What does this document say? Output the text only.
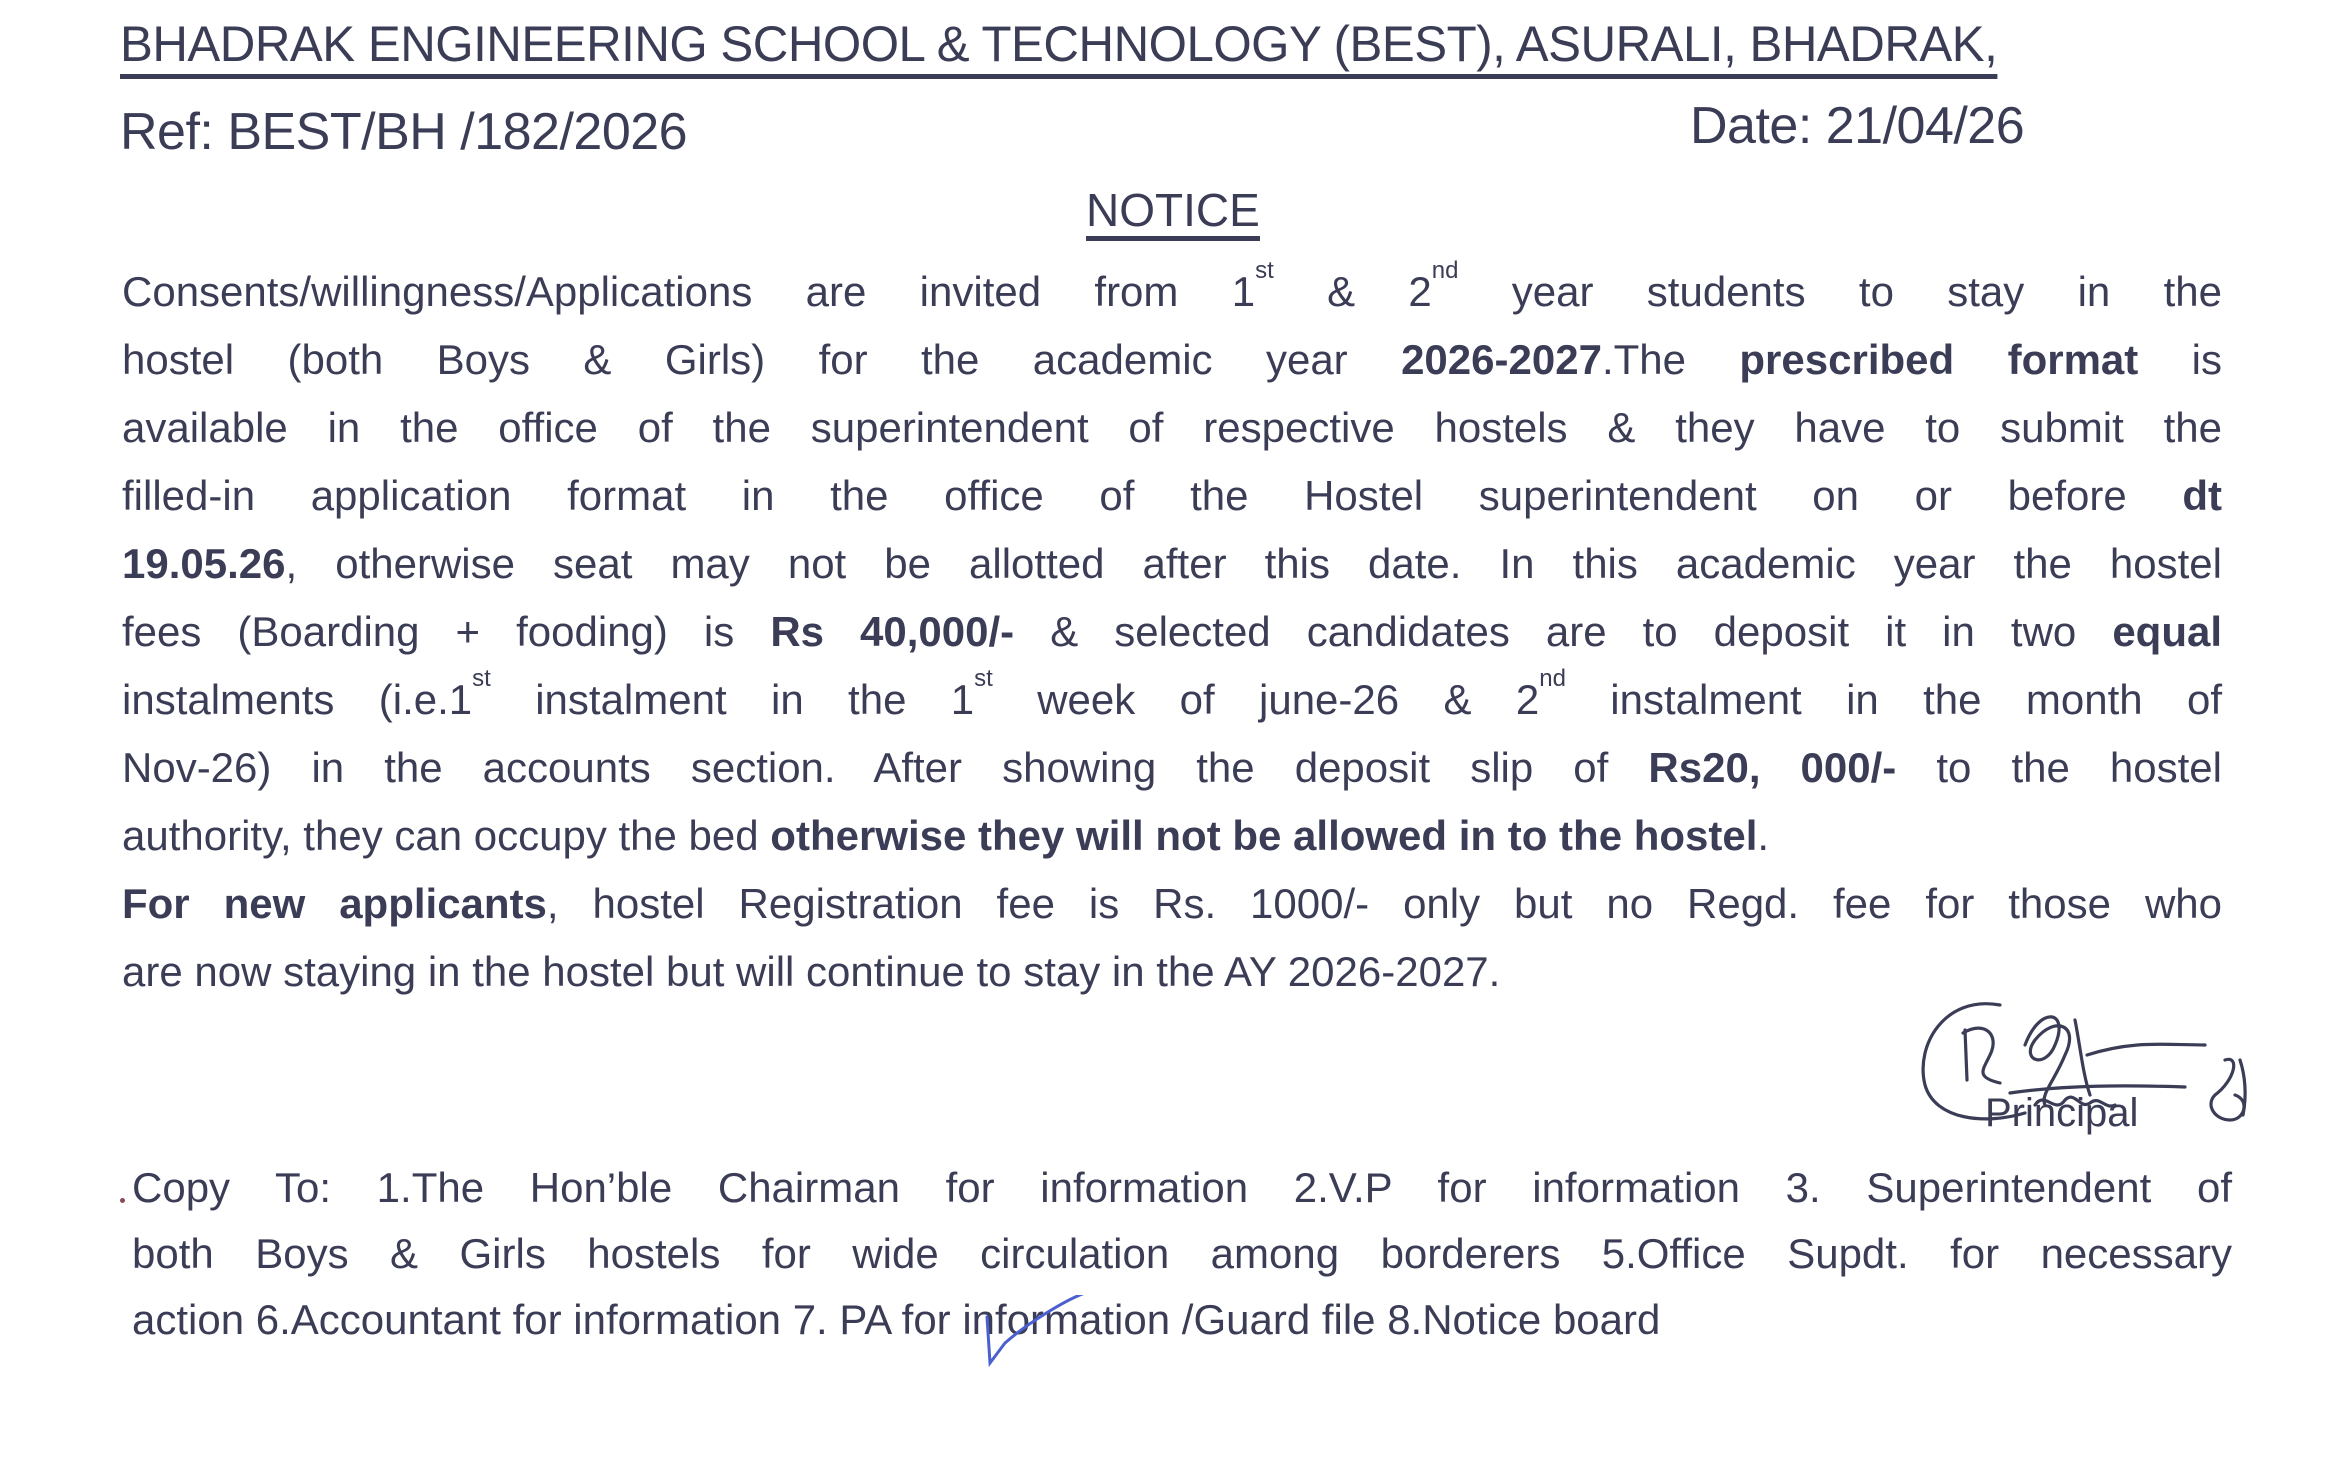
BHADRAK ENGINEERING SCHOOL & TECHNOLOGY (BEST), ASURALI, BHADRAK,
Ref: BEST/BH /182/2026	Date: 21/04/26
NOTICE
Consents/willingness/Applications are invited from 1st & 2nd year students to stay in the
hostel (both Boys & Girls) for the academic year 2026-2027.The prescribed format is
available in the office of the superintendent of respective hostels & they have to submit the
filled-in application format in the office of the Hostel superintendent on or before dt
19.05.26, otherwise seat may not be allotted after this date. In this academic year the hostel
fees (Boarding + fooding) is Rs 40,000/- & selected candidates are to deposit it in two equal
instalments (i.e.1st instalment in the 1st week of june-26 & 2nd instalment in the month of
Nov-26) in the accounts section. After showing the deposit slip of Rs20, 000/- to the hostel
authority, they can occupy the bed otherwise they will not be allowed in to the hostel.
For new applicants, hostel Registration fee is Rs. 1000/- only but no Regd. fee for those who
are now staying in the hostel but will continue to stay in the AY 2026-2027.
Principal
Copy To: 1.The Hon’ble Chairman for information 2.V.P for information 3. Superintendent of
both Boys & Girls hostels for wide circulation among borderers 5.Office Supdt. for necessary
action 6.Accountant for information 7. PA for information /Guard file 8.Notice board
